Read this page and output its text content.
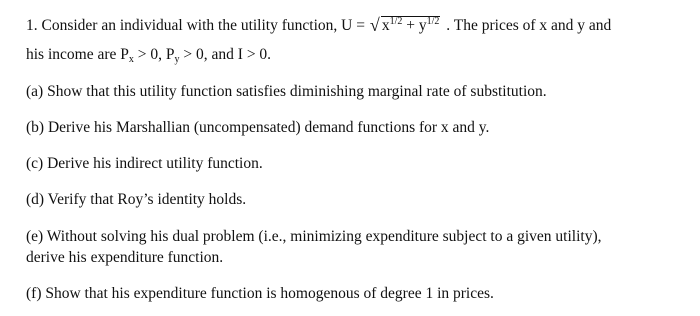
1. Consider an individual with the utility function, U = √ $x^{1/2} + y^{1/2}$ . The prices of x and y and
his income are $P_x > 0$, $P_y > 0$, and I > 0.
(a) Show that this utility function satisfies diminishing marginal rate of substitution.
(b) Derive his Marshallian (uncompensated) demand functions for x and y.
(c) Derive his indirect utility function.
(d) Verify that Roy’s identity holds.
(e) Without solving his dual problem (i.e., minimizing expenditure subject to a given utility),
derive his expenditure function.
(f) Show that his expenditure function is homogenous of degree 1 in prices.
